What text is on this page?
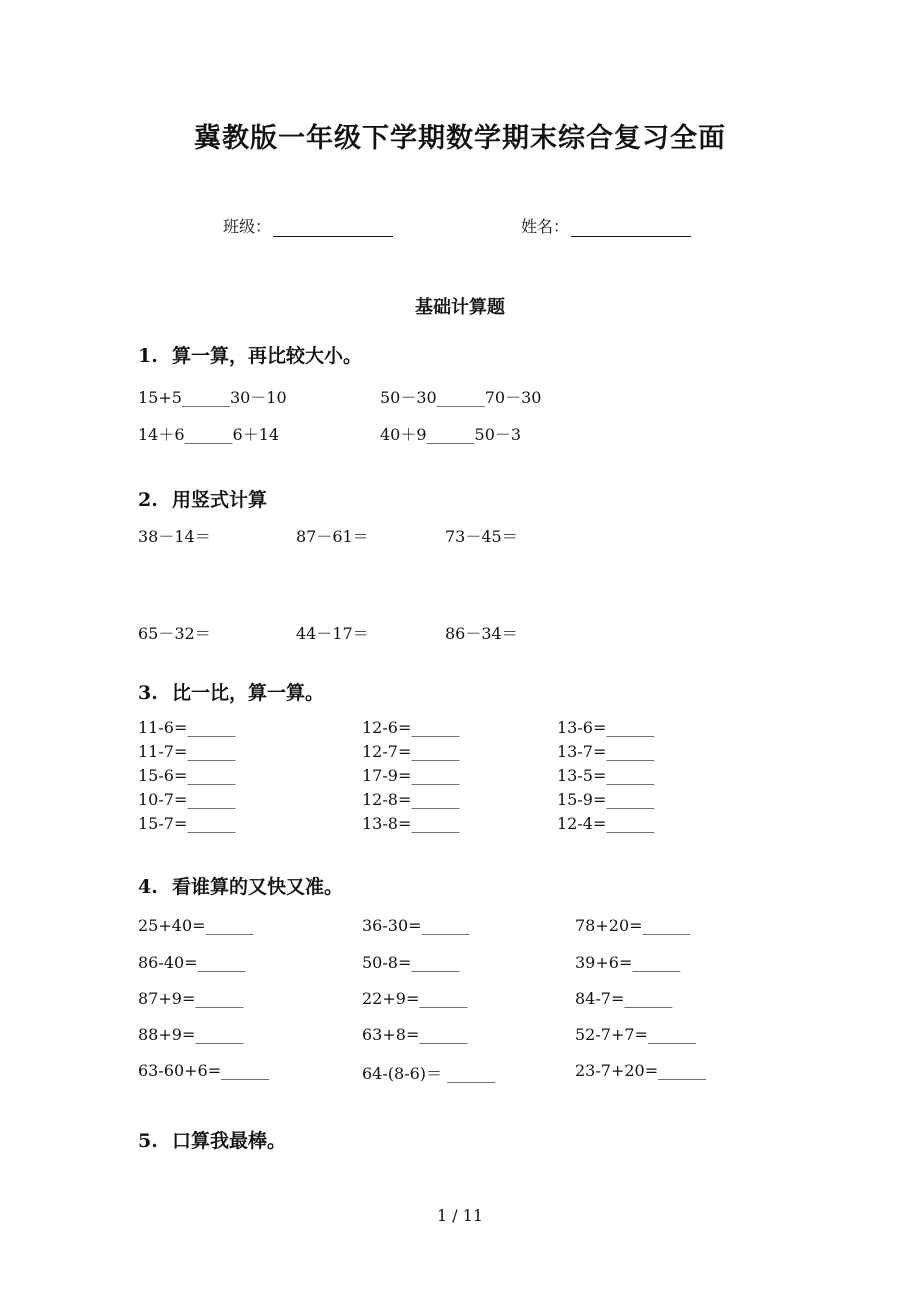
冀教版一年级下学期数学期末综合复习全面
班级：	姓名：
基础计算题
1. 算一算，再比较大小。
15+5______30－10	50－30______70－30
14＋6______6＋14	40＋9______50－3
2. 用竖式计算
38－14＝	87－61＝	73－45＝
65－32＝	44－17＝	86－34＝
3. 比一比，算一算。
11-6=______	12-6=______	13-6=______
11-7=______	12-7=______	13-7=______
15-6=______	17-9=______	13-5=______
10-7=______	12-8=______	15-9=______
15-7=______	13-8=______	12-4=______
4. 看谁算的又快又准。
25+40=______	36-30=______	78+20=______
86-40=______	50-8=______	39+6=______
87+9=______	22+9=______	84-7=______
88+9=______	63+8=______	52-7+7=______
63-60+6=______	64-(8-6)＝ ______	23-7+20=______
5. 口算我最棒。
1 / 11
